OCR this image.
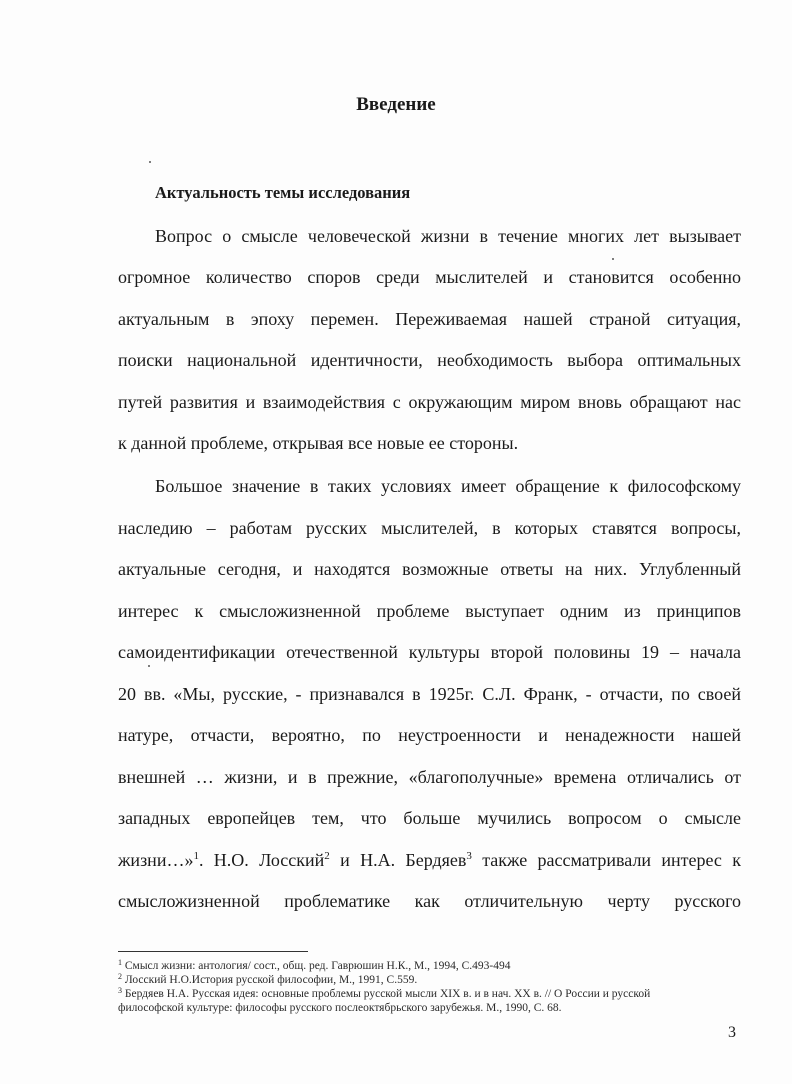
Введение
Актуальность темы исследования
Вопрос о смысле человеческой жизни в течение многих лет вызывает
огромное количество споров среди мыслителей и становится особенно
актуальным в эпоху перемен. Переживаемая нашей страной ситуация,
поиски национальной идентичности, необходимость выбора оптимальных
путей развития и взаимодействия с окружающим миром вновь обращают нас
к данной проблеме, открывая все новые ее стороны.
Большое значение в таких условиях имеет обращение к философскому
наследию – работам русских мыслителей, в которых ставятся вопросы,
актуальные сегодня, и находятся возможные ответы на них. Углубленный
интерес к смысложизненной проблеме выступает одним из принципов
самоидентификации отечественной культуры второй половины 19 – начала
20 вв. «Мы, русские, - признавался в 1925г. С.Л. Франк, - отчасти, по своей
натуре, отчасти, вероятно, по неустроенности и ненадежности нашей
внешней … жизни, и в прежние, «благополучные» времена отличались от
западных европейцев тем, что больше мучились вопросом о смысле
жизни…»$^1$. Н.О. Лосский$^2$ и Н.А. Бердяев$^3$ также рассматривали интерес к
смысложизненной проблематике как отличительную черту русского
$^1$ Смысл жизни: антология/ сост., общ. ред. Гаврюшин Н.К., М., 1994, С.493-494
$^2$ Лосский Н.О.История русской философии, М., 1991, С.559.
$^3$ Бердяев Н.А. Русская идея: основные проблемы русской мысли XIX в. и в нач. XX в. // О России и русской
философской культуре: философы русского послеоктябрьского зарубежья. М., 1990, С. 68.
3
